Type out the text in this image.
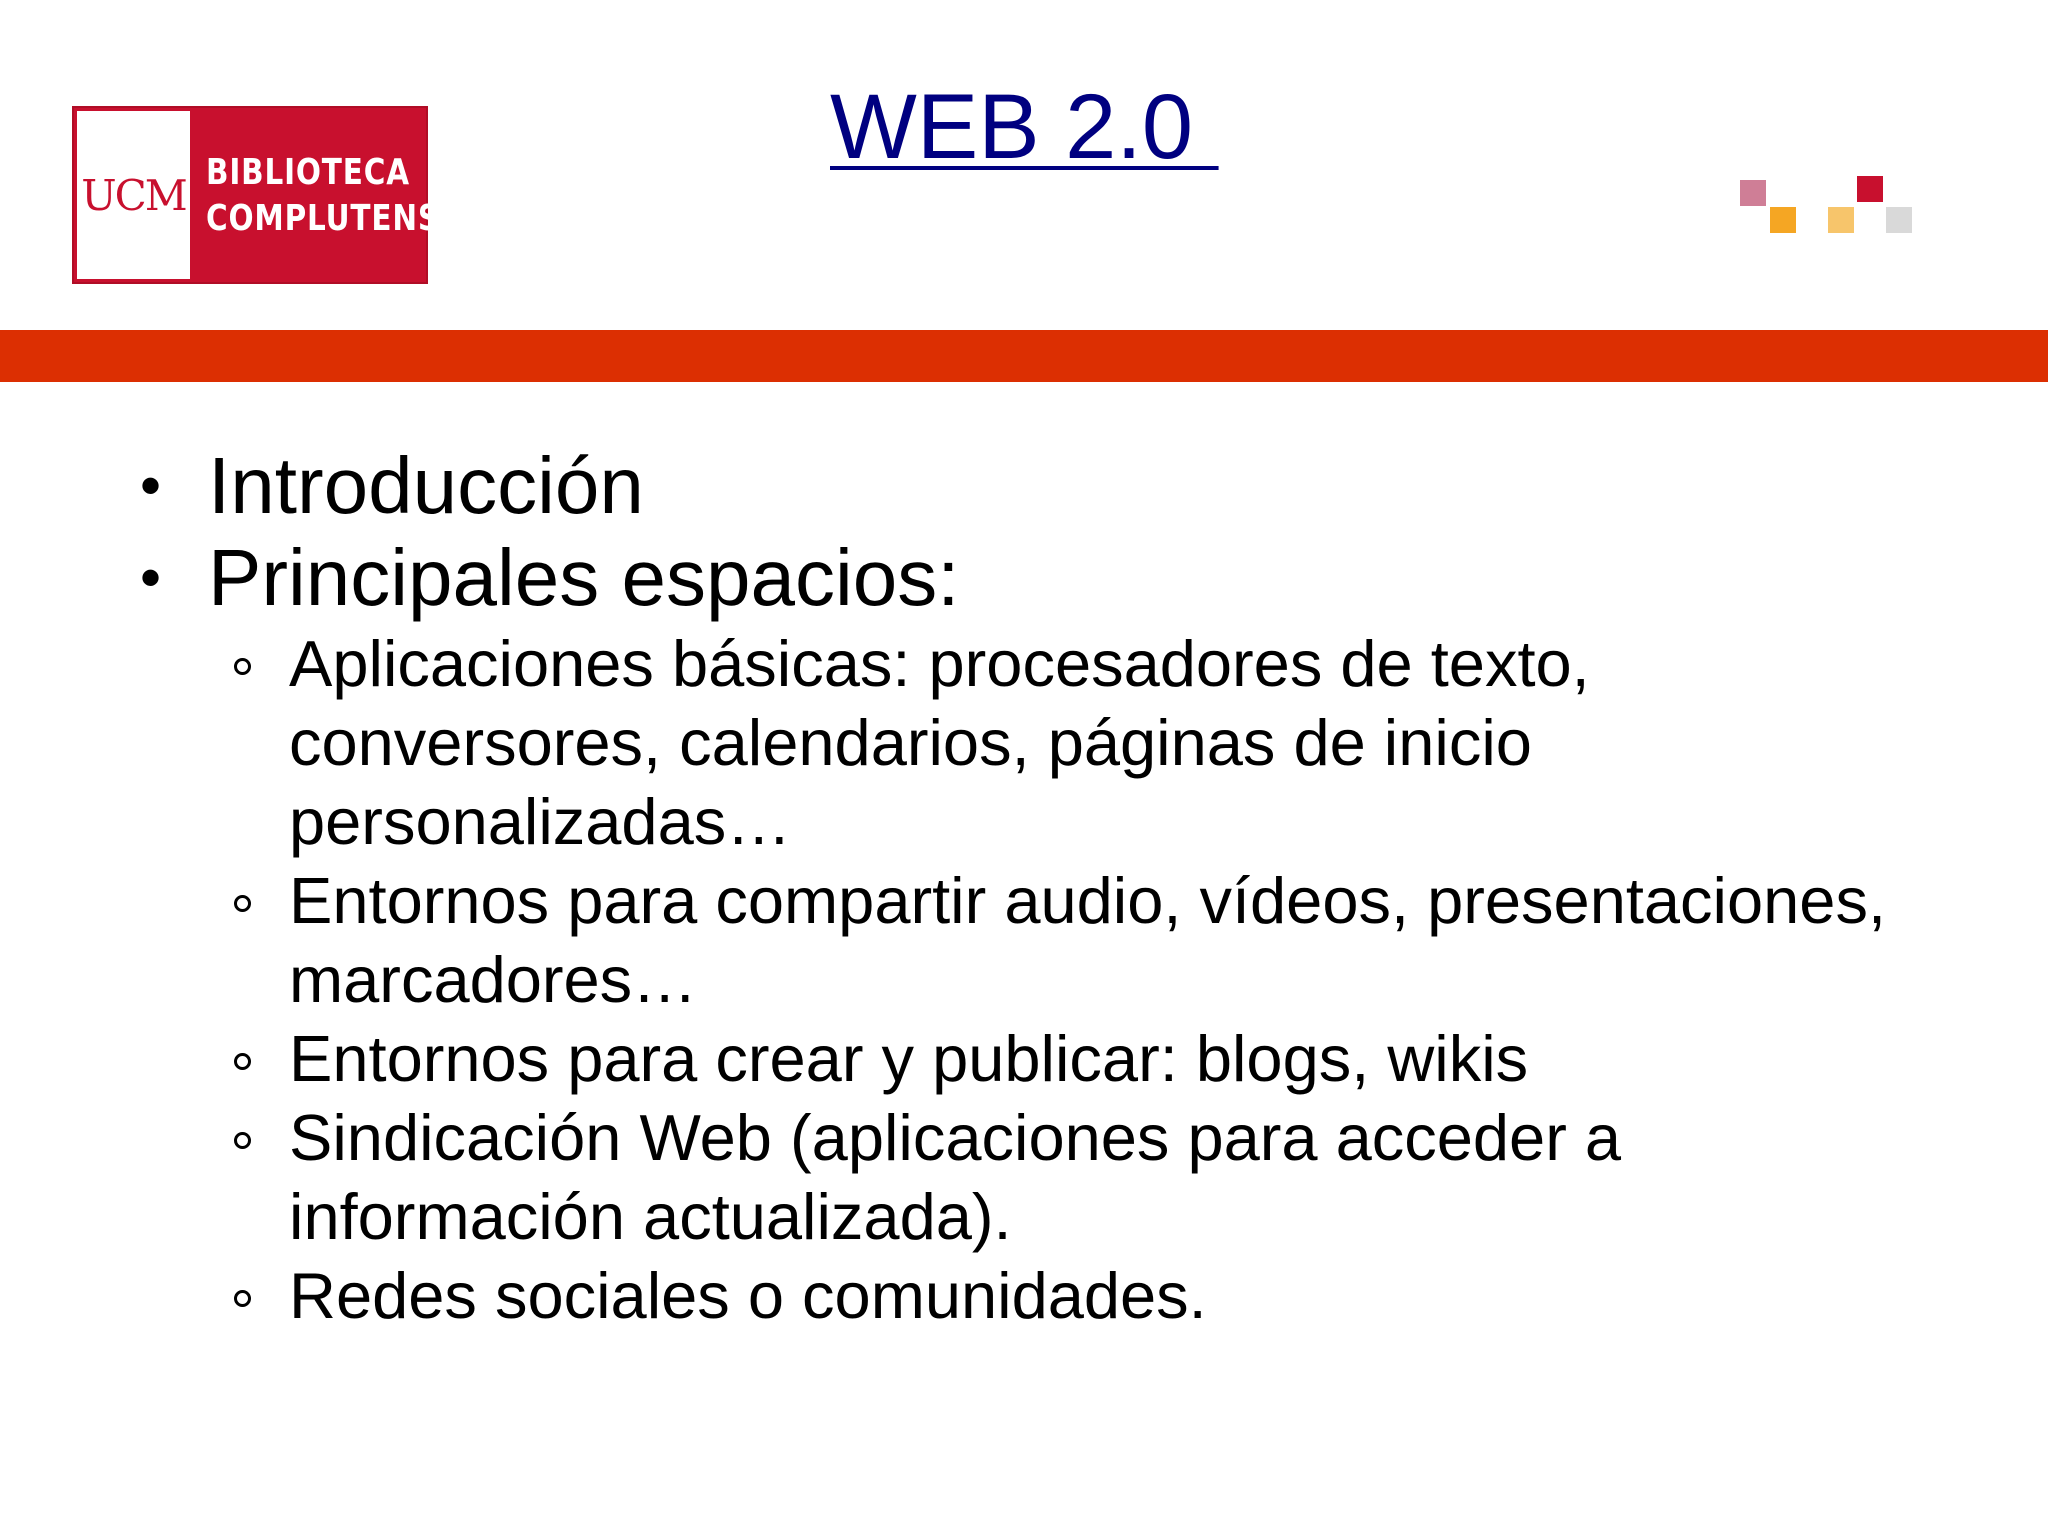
UCM BIBLIOTECA
COMPLUTENSE
WEB 2.0
• Introducción
• Principales espacios:
Aplicaciones básicas: procesadores de texto, conversores, calendarios, páginas de inicio personalizadas…
Entornos para compartir audio, vídeos, presentaciones, marcadores…
Entornos para crear y publicar: blogs, wikis
Sindicación Web (aplicaciones para acceder a información actualizada).
Redes sociales o comunidades.
